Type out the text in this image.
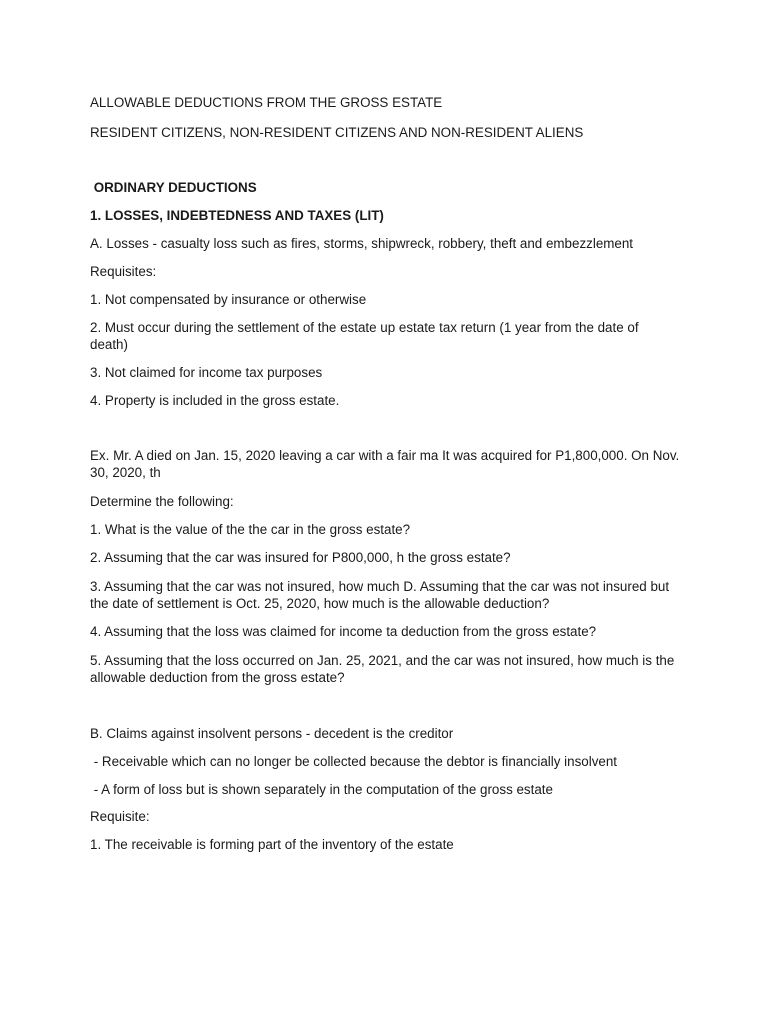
ALLOWABLE DEDUCTIONS FROM THE GROSS ESTATE

RESIDENT CITIZENS, NON-RESIDENT CITIZENS AND NON-RESIDENT ALIENS

ORDINARY DEDUCTIONS

1. LOSSES, INDEBTEDNESS AND TAXES (LIT)

A. Losses - casualty loss such as fires, storms, shipwreck, robbery, theft and embezzlement

Requisites:

1. Not compensated by insurance or otherwise

2. Must occur during the settlement of the estate up estate tax return (1 year from the date of death)

3. Not claimed for income tax purposes

4. Property is included in the gross estate.

Ex. Mr. A died on Jan. 15, 2020 leaving a car with a fair ma It was acquired for P1,800,000. On Nov. 30, 2020, th

Determine the following:

1. What is the value of the the car in the gross estate?

2. Assuming that the car was insured for P800,000, h the gross estate?

3. Assuming that the car was not insured, how much D. Assuming that the car was not insured but the date of settlement is Oct. 25, 2020, how much is the allowable deduction?

4. Assuming that the loss was claimed for income ta deduction from the gross estate?

5. Assuming that the loss occurred on Jan. 25, 2021, and the car was not insured, how much is the allowable deduction from the gross estate?

B. Claims against insolvent persons - decedent is the creditor

- Receivable which can no longer be collected because the debtor is financially insolvent

- A form of loss but is shown separately in the computation of the gross estate

Requisite:

1. The receivable is forming part of the inventory of the estate
